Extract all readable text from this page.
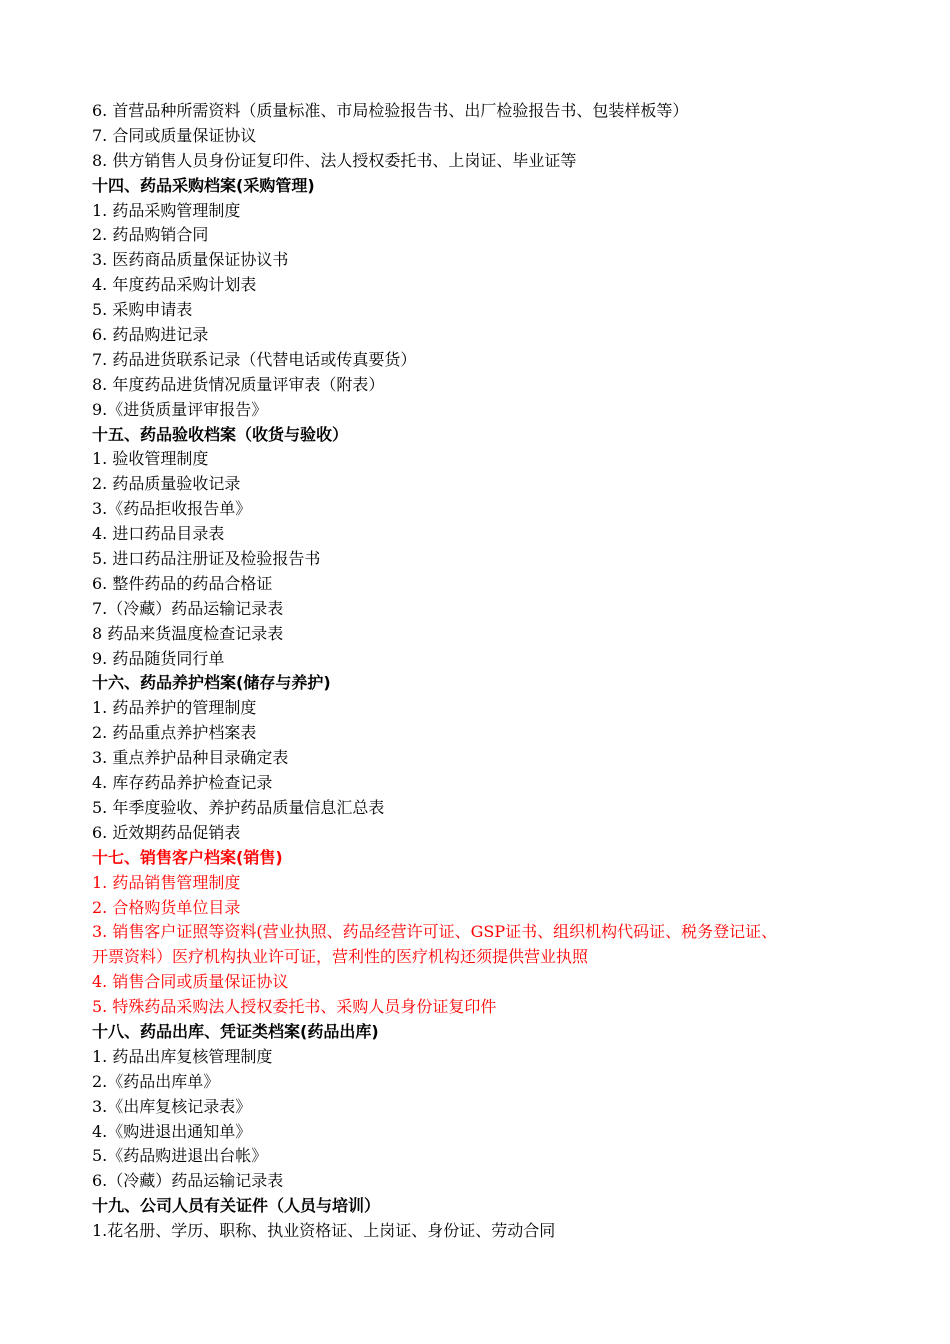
6. 首营品种所需资料（质量标准、市局检验报告书、出厂检验报告书、包装样板等）
7. 合同或质量保证协议
8. 供方销售人员身份证复印件、法人授权委托书、上岗证、毕业证等
十四、药品采购档案(采购管理)
1. 药品采购管理制度
2. 药品购销合同
3. 医药商品质量保证协议书
4. 年度药品采购计划表
5. 采购申请表
6. 药品购进记录
7. 药品进货联系记录（代替电话或传真要货）
8. 年度药品进货情况质量评审表（附表）
9.《进货质量评审报告》
十五、药品验收档案（收货与验收）
1. 验收管理制度
2. 药品质量验收记录
3.《药品拒收报告单》
4. 进口药品目录表
5. 进口药品注册证及检验报告书
6. 整件药品的药品合格证
7.（冷藏）药品运输记录表
8 药品来货温度检查记录表
9. 药品随货同行单
十六、药品养护档案(储存与养护)
1. 药品养护的管理制度
2. 药品重点养护档案表
3. 重点养护品种目录确定表
4. 库存药品养护检查记录
5. 年季度验收、养护药品质量信息汇总表
6. 近效期药品促销表
十七、销售客户档案(销售)
1. 药品销售管理制度
2. 合格购货单位目录
3. 销售客户证照等资料(营业执照、药品经营许可证、GSP证书、组织机构代码证、税务登记证、
开票资料）医疗机构执业许可证，营利性的医疗机构还须提供营业执照
4. 销售合同或质量保证协议
5. 特殊药品采购法人授权委托书、采购人员身份证复印件
十八、药品出库、凭证类档案(药品出库)
1. 药品出库复核管理制度
2.《药品出库单》
3.《出库复核记录表》
4.《购进退出通知单》
5.《药品购进退出台帐》
6.（冷藏）药品运输记录表
十九、公司人员有关证件（人员与培训）
1.花名册、学历、职称、执业资格证、上岗证、身份证、劳动合同
